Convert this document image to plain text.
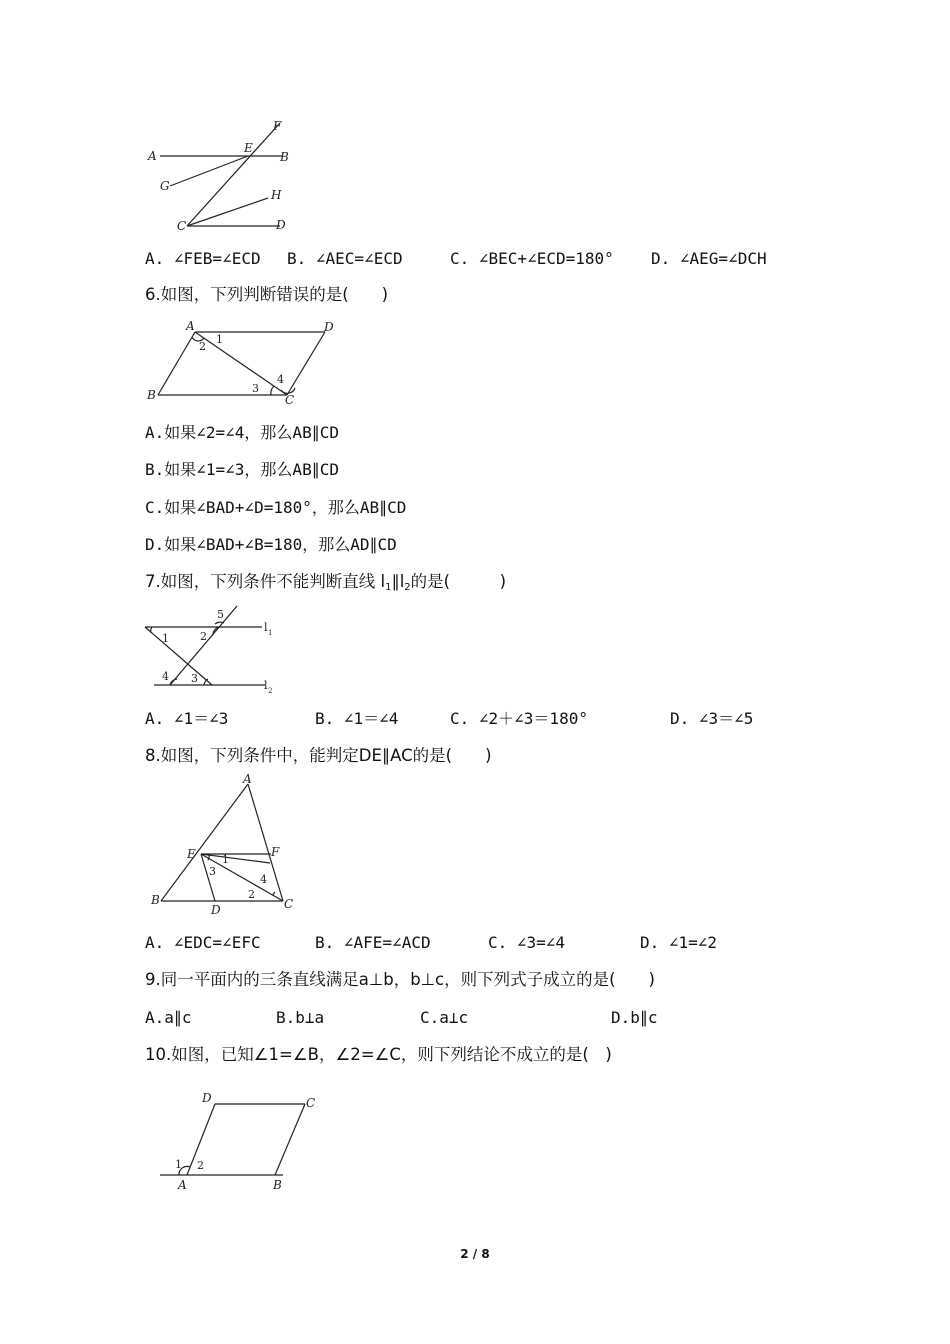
A	B
E
F
G
H
C	D
A. ∠FEB=∠ECD B. ∠AEC=∠ECD	C. ∠BEC+∠ECD=180° D. ∠AEG=∠DCH
6.如图，下列判断错误的是(　　)
A	D
B	C
1
2
3
4
A.如果∠2=∠4，那么AB∥CD
B.如果∠1=∠3，那么AB∥CD
C.如果∠BAD+∠D=180°，那么AB∥CD
D.如果∠BAD+∠B=180，那么AD∥CD
7.如图，下列条件不能判断直线 $l_1\parallel l_2$的是(　　　)
5
2
1
l 1
4 3
l 2
A. ∠1＝∠3	B. ∠1＝∠4	C. ∠2＋∠3＝180°	D. ∠3＝∠5
8.如图，下列条件中，能判定DE∥AC的是(　　)
A
E	F
1
3
4
2
B
D	C
A. ∠EDC=∠EFC	B. ∠AFE=∠ACD	C. ∠3=∠4	D. ∠1=∠2
9.同一平面内的三条直线满足a⊥b，b⊥c，则下列式子成立的是(　　)
A.a∥c	B.b⊥a	C.a⊥c	D.b∥c
10.如图，已知∠1=∠B，∠2=∠C，则下列结论不成立的是(　)
D	C
1 2
A	B
2 / 8
